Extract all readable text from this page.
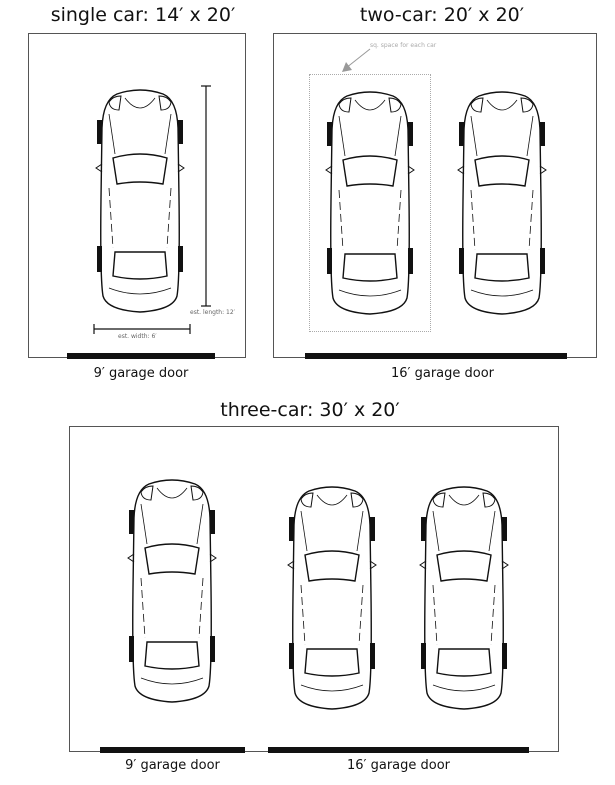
single car: 14′ x 20′
est. length: 12′
est. width: 6′
9′ garage door
two-car: 20′ x 20′
sq. space for each car
16′ garage door
three-car: 30′ x 20′
9′ garage door	16′ garage door
